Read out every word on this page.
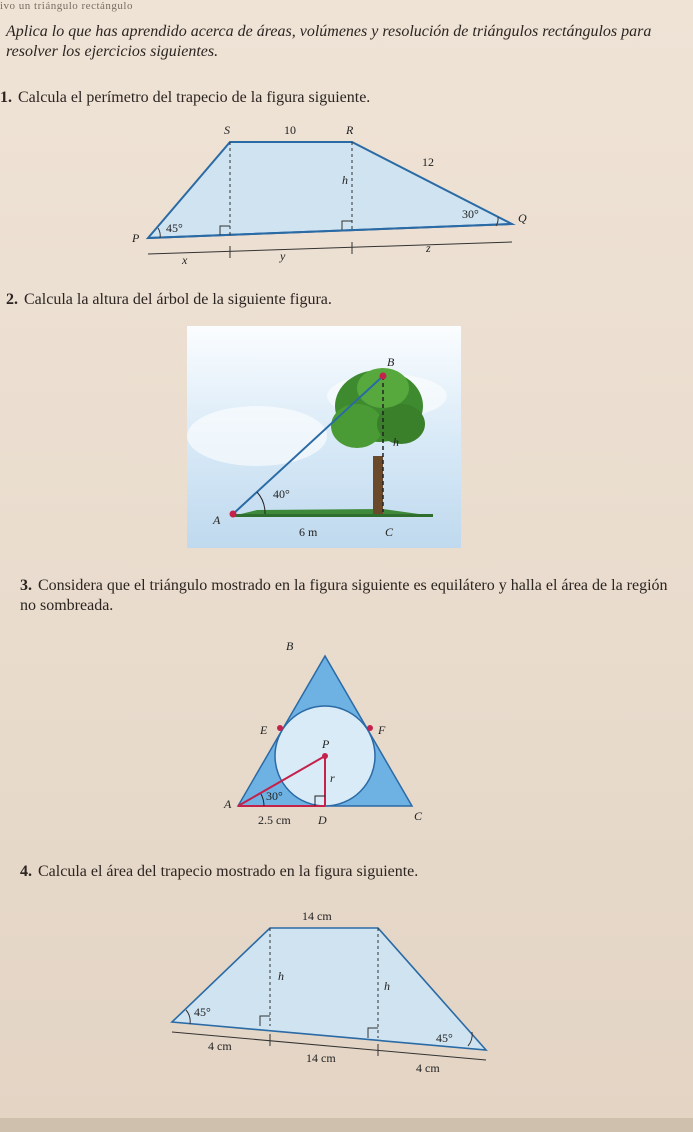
ivo un triángulo rectángulo
Aplica lo que has aprendido acerca de áreas, volúmenes y resolución de triángulos rectángulos para resolver los ejercicios siguientes.
1. Calcula el perímetro del trapecio de la figura siguiente.
S	10	R
12
h
P
45°
30°	Q
x	y
z
2. Calcula la altura del árbol de la siguiente figura.
B
h
40°
A
6 m	C
3. Considera que el triángulo mostrado en la figura siguiente es equilátero y halla el área de la región no sombreada.
B
E	F
P
r
30°
A
2.5 cm D	C
4. Calcula el área del trapecio mostrado en la figura siguiente.
14 cm
h
h
45°
45°
4 cm
14 cm
4 cm
